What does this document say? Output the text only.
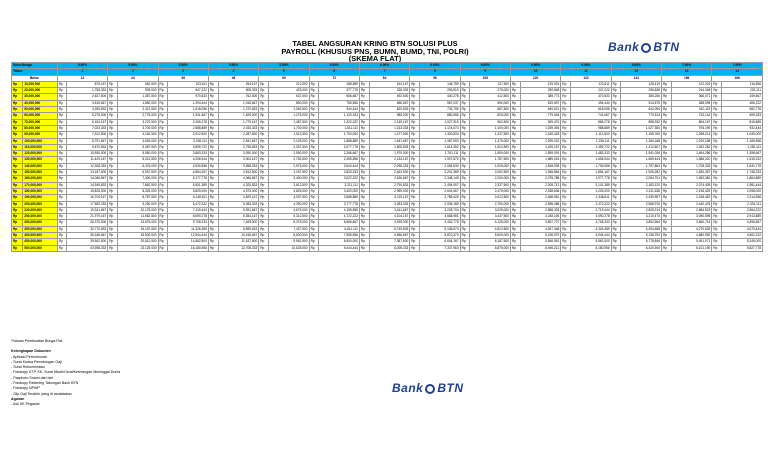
TABEL ANGSURAN KRING BTN SOLUSI PLUS
PAYROLL (KHUSUS PNS, BUMN, BUMD, TNI, POLRI)
(SKEMA FLAT)
Bank BTN
Suku Bunga		5.00%		5.00%		5.50%		5.50%		5.50%		6.00%		6.00%		6.00%		6.00%		6.00%		6.00%		6.00%		7.00%		7.00%	
Tahun		1		2		3		4		5		6		7		8		9		10		11		12		13		14	
Bulan		12		24		36		48		60		72		84		96		108		120		132		144		156		168	
Rp	10,000,000	Rp	879,167	Rp	462,500	Rp	323,611	Rp	254,167	Rp	212,500	Rp	188,889	Rp	164,167	Rp	146,759	Rp	137,500	Rp	129,924	Rp	123,611	Rp	128,419	Rp	122,024	Rp	116,556
Rp	20,000,000	Rp	1,758,333	Rp	925,000	Rp	647,222	Rp	508,333	Rp	425,000	Rp	377,778	Rp	328,333	Rp	293,519	Rp	275,000	Rp	259,848	Rp	247,222	Rp	256,838	Rp	244,048	Rp	233,111
Rp	30,000,000	Rp	2,637,500	Rp	1,387,500	Rp	970,833	Rp	762,500	Rp	637,500	Rp	566,667	Rp	492,500	Rp	440,278	Rp	412,500	Rp	389,773	Rp	370,833	Rp	385,256	Rp	366,071	Rp	349,667
Rp	40,000,000	Rp	3,516,667	Rp	1,850,000	Rp	1,294,444	Rp	1,016,667	Rp	850,000	Rp	755,556	Rp	656,667	Rp	587,037	Rp	550,000	Rp	519,697	Rp	494,444	Rp	513,675	Rp	488,095	Rp	466,222
Rp	50,000,000	Rp	4,395,833	Rp	2,312,500	Rp	1,618,056	Rp	1,270,833	Rp	1,062,500	Rp	944,444	Rp	820,833	Rp	733,796	Rp	687,500	Rp	649,621	Rp	618,056	Rp	642,094	Rp	610,119	Rp	582,778
Rp	60,000,000	Rp	5,275,000	Rp	2,775,000	Rp	1,941,667	Rp	1,525,000	Rp	1,275,000	Rp	1,133,333	Rp	985,000	Rp	880,556	Rp	825,000	Rp	779,545	Rp	741,667	Rp	770,513	Rp	732,143	Rp	699,333
Rp	70,000,000	Rp	6,154,167	Rp	3,237,500	Rp	2,265,278	Rp	1,779,167	Rp	1,487,500	Rp	1,322,222	Rp	1,149,167	Rp	1,027,315	Rp	962,500	Rp	909,470	Rp	865,278	Rp	898,932	Rp	854,167	Rp	815,889
Rp	80,000,000	Rp	7,033,333	Rp	3,700,000	Rp	2,588,889	Rp	2,033,333	Rp	1,700,000	Rp	1,511,111	Rp	1,313,333	Rp	1,174,074	Rp	1,100,000	Rp	1,039,394	Rp	988,889	Rp	1,027,350	Rp	976,190	Rp	932,444
Rp	90,000,000	Rp	7,912,500	Rp	4,162,500	Rp	2,912,500	Rp	2,287,500	Rp	1,912,500	Rp	1,700,000	Rp	1,477,500	Rp	1,320,833	Rp	1,237,500	Rp	1,169,318	Rp	1,112,500	Rp	1,155,769	Rp	1,098,214	Rp	1,049,000
Rp	100,000,000	Rp	8,791,667	Rp	4,625,000	Rp	3,236,111	Rp	2,541,667	Rp	2,125,000	Rp	1,888,889	Rp	1,641,667	Rp	1,467,593	Rp	1,375,000	Rp	1,299,242	Rp	1,236,111	Rp	1,284,188	Rp	1,220,238	Rp	1,165,556
Rp	110,000,000	Rp	9,670,833	Rp	5,087,500	Rp	3,559,722	Rp	2,795,833	Rp	2,337,500	Rp	2,077,778	Rp	1,805,833	Rp	1,614,352	Rp	1,512,500	Rp	1,429,167	Rp	1,359,722	Rp	1,412,607	Rp	1,342,262	Rp	1,282,111
Rp	120,000,000	Rp	10,550,000	Rp	5,550,000	Rp	3,883,333	Rp	3,050,000	Rp	2,550,000	Rp	2,266,667	Rp	1,970,000	Rp	1,761,111	Rp	1,650,000	Rp	1,559,091	Rp	1,483,333	Rp	1,541,026	Rp	1,464,286	Rp	1,398,667
Rp	130,000,000	Rp	11,429,167	Rp	6,012,500	Rp	4,206,944	Rp	3,304,167	Rp	2,762,500	Rp	2,455,556	Rp	2,134,167	Rp	1,907,870	Rp	1,787,500	Rp	1,689,015	Rp	1,606,944	Rp	1,669,444	Rp	1,586,310	Rp	1,515,222
Rp	140,000,000	Rp	12,308,333	Rp	6,475,000	Rp	4,530,556	Rp	3,558,333	Rp	2,975,000	Rp	2,644,444	Rp	2,298,333	Rp	2,054,630	Rp	1,925,000	Rp	1,818,939	Rp	1,730,556	Rp	1,797,863	Rp	1,708,333	Rp	1,631,778
Rp	150,000,000	Rp	13,187,500	Rp	6,937,500	Rp	4,854,167	Rp	3,812,500	Rp	3,187,500	Rp	2,833,333	Rp	2,462,500	Rp	2,201,389	Rp	2,062,500	Rp	1,948,864	Rp	1,854,167	Rp	1,926,282	Rp	1,830,357	Rp	1,748,333
Rp	160,000,000	Rp	14,066,667	Rp	7,400,000	Rp	5,177,778	Rp	4,066,667	Rp	3,400,000	Rp	3,022,222	Rp	2,626,667	Rp	2,348,148	Rp	2,200,000	Rp	2,078,788	Rp	1,977,778	Rp	2,054,701	Rp	1,952,381	Rp	1,864,889
Rp	170,000,000	Rp	14,945,833	Rp	7,862,500	Rp	5,501,389	Rp	4,320,833	Rp	3,612,500	Rp	3,211,111	Rp	2,790,833	Rp	2,494,907	Rp	2,337,500	Rp	2,208,712	Rp	2,101,389	Rp	2,183,120	Rp	2,074,405	Rp	1,981,444
Rp	180,000,000	Rp	15,825,000	Rp	8,325,000	Rp	5,825,000	Rp	4,575,000	Rp	3,825,000	Rp	3,400,000	Rp	2,955,000	Rp	2,641,667	Rp	2,475,000	Rp	2,338,636	Rp	2,225,000	Rp	2,311,538	Rp	2,196,429	Rp	2,098,000
Rp	190,000,000	Rp	16,704,167	Rp	8,787,500	Rp	6,148,611	Rp	4,829,167	Rp	4,037,500	Rp	3,588,889	Rp	3,119,167	Rp	2,788,426	Rp	2,612,500	Rp	2,468,561	Rp	2,348,611	Rp	2,439,957	Rp	2,318,452	Rp	2,214,556
Rp	200,000,000	Rp	17,583,333	Rp	9,250,000	Rp	6,472,222	Rp	5,083,333	Rp	4,250,000	Rp	3,777,778	Rp	3,283,333	Rp	2,935,185	Rp	2,750,000	Rp	2,598,485	Rp	2,472,222	Rp	2,568,376	Rp	2,440,476	Rp	2,331,111
Rp	220,000,000	Rp	19,341,667	Rp	10,175,000	Rp	7,119,444	Rp	5,591,667	Rp	4,675,000	Rp	4,155,556	Rp	3,611,667	Rp	3,228,704	Rp	3,025,000	Rp	2,858,333	Rp	2,719,444	Rp	2,825,214	Rp	2,684,524	Rp	2,564,222
Rp	250,000,000	Rp	21,979,167	Rp	11,562,500	Rp	8,090,278	Rp	6,354,167	Rp	5,312,500	Rp	4,722,222	Rp	4,104,167	Rp	3,668,981	Rp	3,437,500	Rp	3,248,106	Rp	3,090,278	Rp	3,210,470	Rp	3,050,595	Rp	2,913,889
Rp	300,000,000	Rp	26,375,000	Rp	13,875,000	Rp	9,708,333	Rp	7,625,000	Rp	6,375,000	Rp	5,666,667	Rp	4,925,000	Rp	4,402,778	Rp	4,125,000	Rp	3,897,727	Rp	3,708,333	Rp	3,852,564	Rp	3,660,714	Rp	3,496,667
Rp	350,000,000	Rp	30,770,833	Rp	16,187,500	Rp	11,326,389	Rp	8,895,833	Rp	7,437,500	Rp	6,611,111	Rp	5,745,833	Rp	5,136,574	Rp	4,812,500	Rp	4,547,348	Rp	4,326,389	Rp	4,494,658	Rp	4,270,833	Rp	4,079,444
Rp	400,000,000	Rp	35,166,667	Rp	18,500,000	Rp	12,944,444	Rp	10,166,667	Rp	8,500,000	Rp	7,555,556	Rp	6,566,667	Rp	5,870,370	Rp	5,500,000	Rp	5,196,970	Rp	4,944,444	Rp	5,136,752	Rp	4,880,952	Rp	4,662,222
Rp	450,000,000	Rp	39,562,500	Rp	20,812,500	Rp	14,562,500	Rp	11,437,500	Rp	9,562,500	Rp	8,500,000	Rp	7,387,500	Rp	6,604,167	Rp	6,187,500	Rp	5,846,591	Rp	5,562,500	Rp	5,778,846	Rp	5,491,071	Rp	5,245,000
Rp	500,000,000	Rp	43,958,333	Rp	23,125,000	Rp	16,180,556	Rp	12,708,333	Rp	10,625,000	Rp	9,444,444	Rp	8,208,333	Rp	7,337,963	Rp	6,875,000	Rp	6,496,212	Rp	6,180,556	Rp	6,420,940	Rp	6,101,190	Rp	5,827,778
Bank BTN
*Satuan Pembulatan Bunga Flat
Kelengkapan Dokumen
- Aplikasi Permohonan
- Surat Kuasa Pemotongan Gaji
- Surat Rekomendasi
- Fotokopy KTP, KK, Surat Nikah/Cerai/Keterangan Meninggal Dunia
- Pasphoto Suami dan Istri
- Fotokopy Rekening Tabungan Bank BTN
- Fotokopy NPWP
- Slip Gaji Terakhir yang di tandatakan
Agunan
- Asli SK Pegawai
